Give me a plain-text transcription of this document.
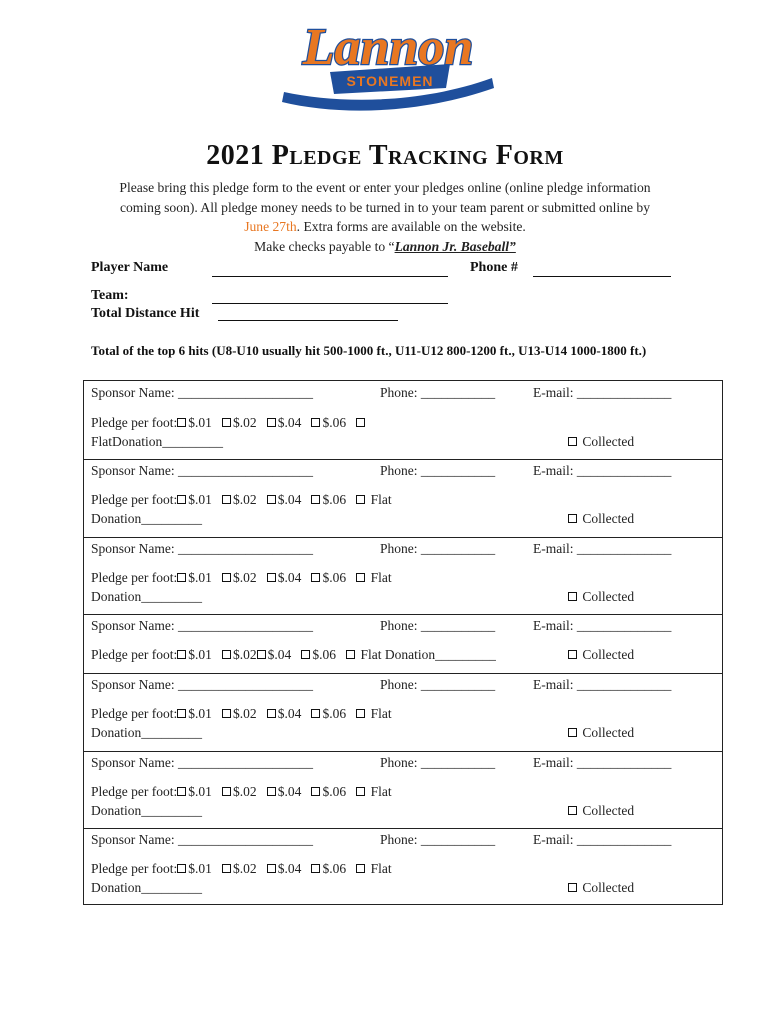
STONEMEN
Lannon
2021 Pledge Tracking Form
Please bring this pledge form to the event or enter your pledges online (online pledge information
coming soon). All pledge money needs to be turned in to your team parent or submitted online by
June 27th. Extra forms are available on the website.
Make checks payable to “Lannon Jr. Baseball”
Player Name	Phone #
Team:
Total Distance Hit
Total of the top 6 hits (U8-U10 usually hit 500-1000 ft., U11-U12 800-1200 ft., U13-U14 1000-1800 ft.)
Sponsor Name: ____________________	Phone: ___________	E-mail: ______________
Pledge per foot: $.01 $.02 $.04 $.06
FlatDonation_________	Collected
Sponsor Name: ____________________	Phone: ___________	E-mail: ______________
Pledge per foot: $.01 $.02 $.04 $.06 Flat
Donation_________	Collected
Sponsor Name: ____________________	Phone: ___________	E-mail: ______________
Pledge per foot: $.01 $.02 $.04 $.06 Flat
Donation_________	Collected
Sponsor Name: ____________________	Phone: ___________	E-mail: ______________
Pledge per foot: $.01 $.02 $.04 $.06 Flat Donation_________	Collected
Sponsor Name: ____________________	Phone: ___________	E-mail: ______________
Pledge per foot: $.01 $.02 $.04 $.06 Flat
Donation_________	Collected
Sponsor Name: ____________________	Phone: ___________	E-mail: ______________
Pledge per foot: $.01 $.02 $.04 $.06 Flat
Donation_________	Collected
Sponsor Name: ____________________	Phone: ___________	E-mail: ______________
Pledge per foot: $.01 $.02 $.04 $.06 Flat
Donation_________	Collected
